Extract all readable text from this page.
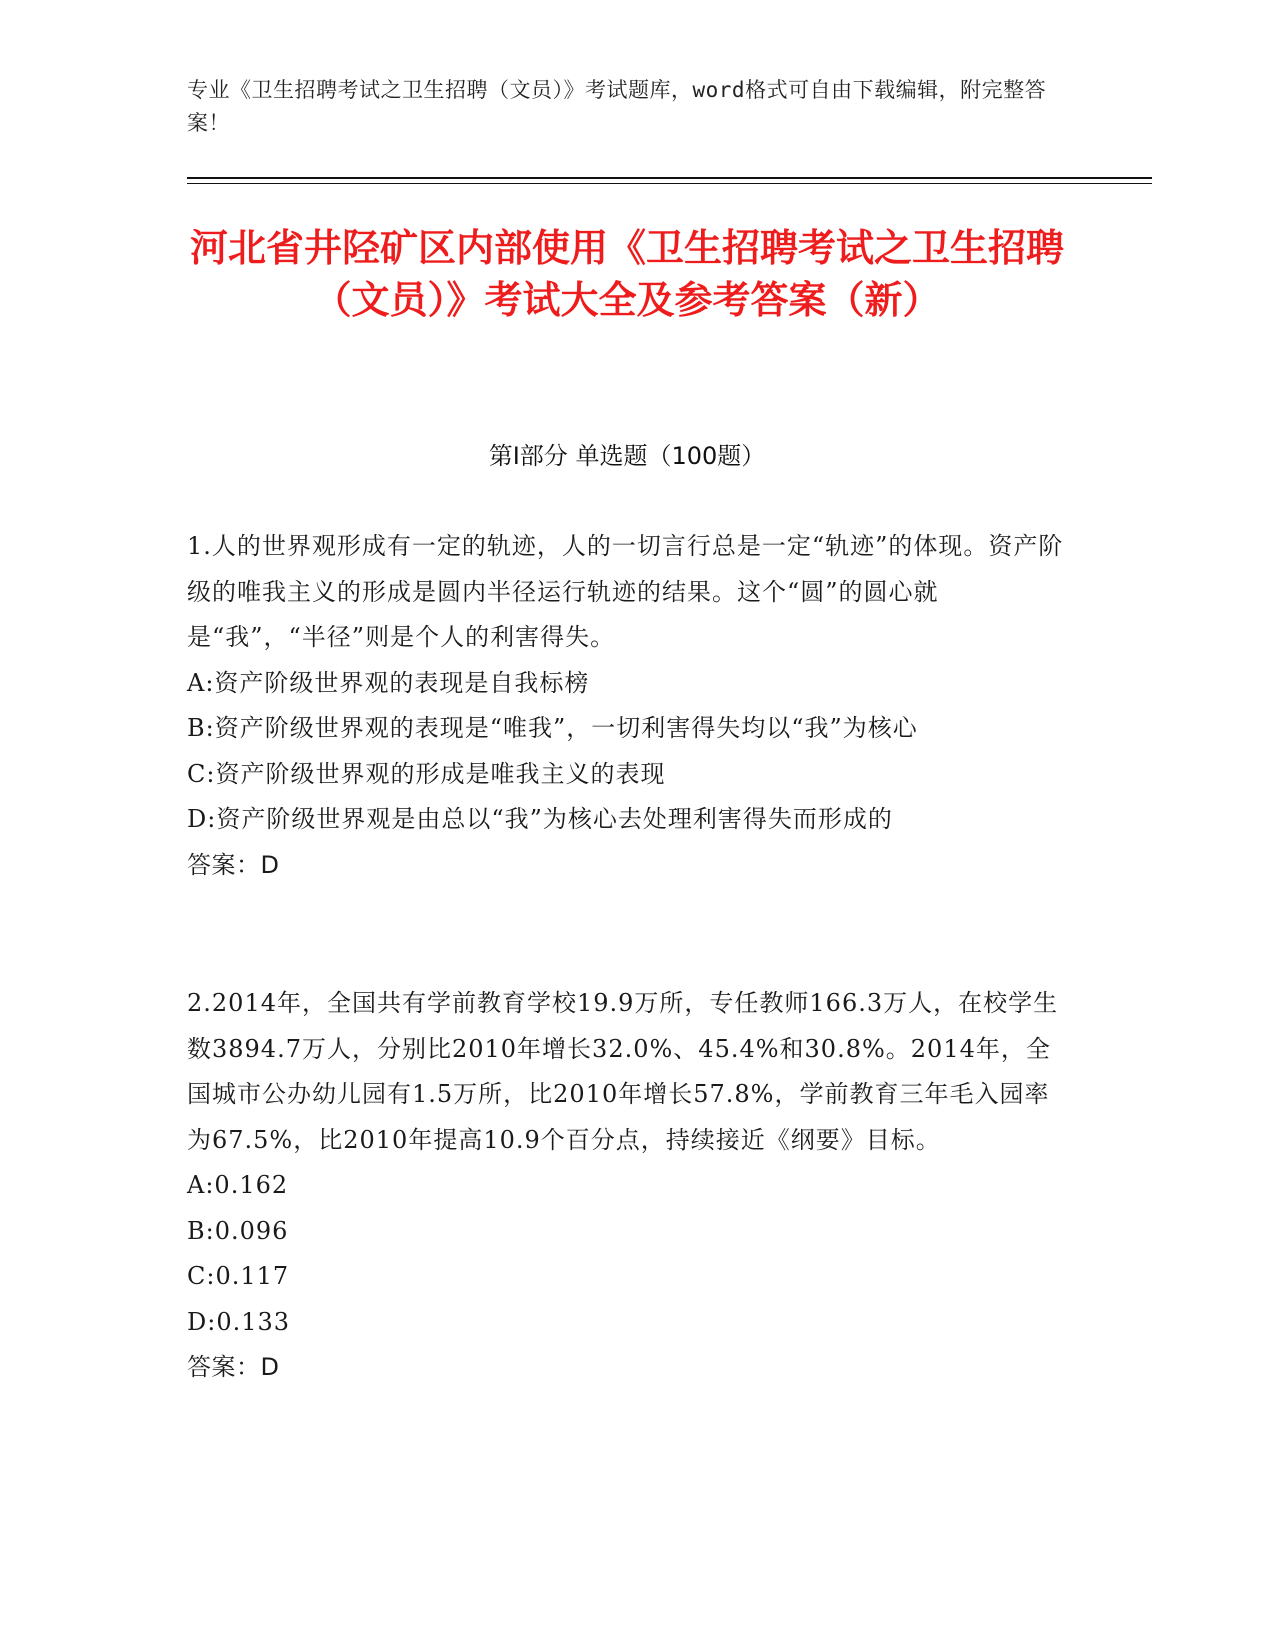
专业《卫生招聘考试之卫生招聘（文员）》考试题库，word格式可自由下载编辑，附完整答案！
河北省井陉矿区内部使用《卫生招聘考试之卫生招聘（文员）》考试大全及参考答案（新）
第Ⅰ部分 单选题（100题）

1.人的世界观形成有一定的轨迹，人的一切言行总是一定“轨迹”的体现。资产阶级的唯我主义的形成是圆内半径运行轨迹的结果。这个“圆”的圆心就是“我”，“半径”则是个人的利害得失。

A:资产阶级世界观的表现是自我标榜

B:资产阶级世界观的表现是“唯我”，一切利害得失均以“我”为核心

C:资产阶级世界观的形成是唯我主义的表现

D:资产阶级世界观是由总以“我”为核心去处理利害得失而形成的

答案：D

2.2014年，全国共有学前教育学校19.9万所，专任教师166.3万人，在校学生数3894.7万人，分别比2010年增长32.0%、45.4%和30.8%。2014年，全国城市公办幼儿园有1.5万所，比2010年增长57.8%，学前教育三年毛入园率为67.5%，比2010年提高10.9个百分点，持续接近《纲要》目标。

A:0.162

B:0.096

C:0.117

D:0.133

答案：D
